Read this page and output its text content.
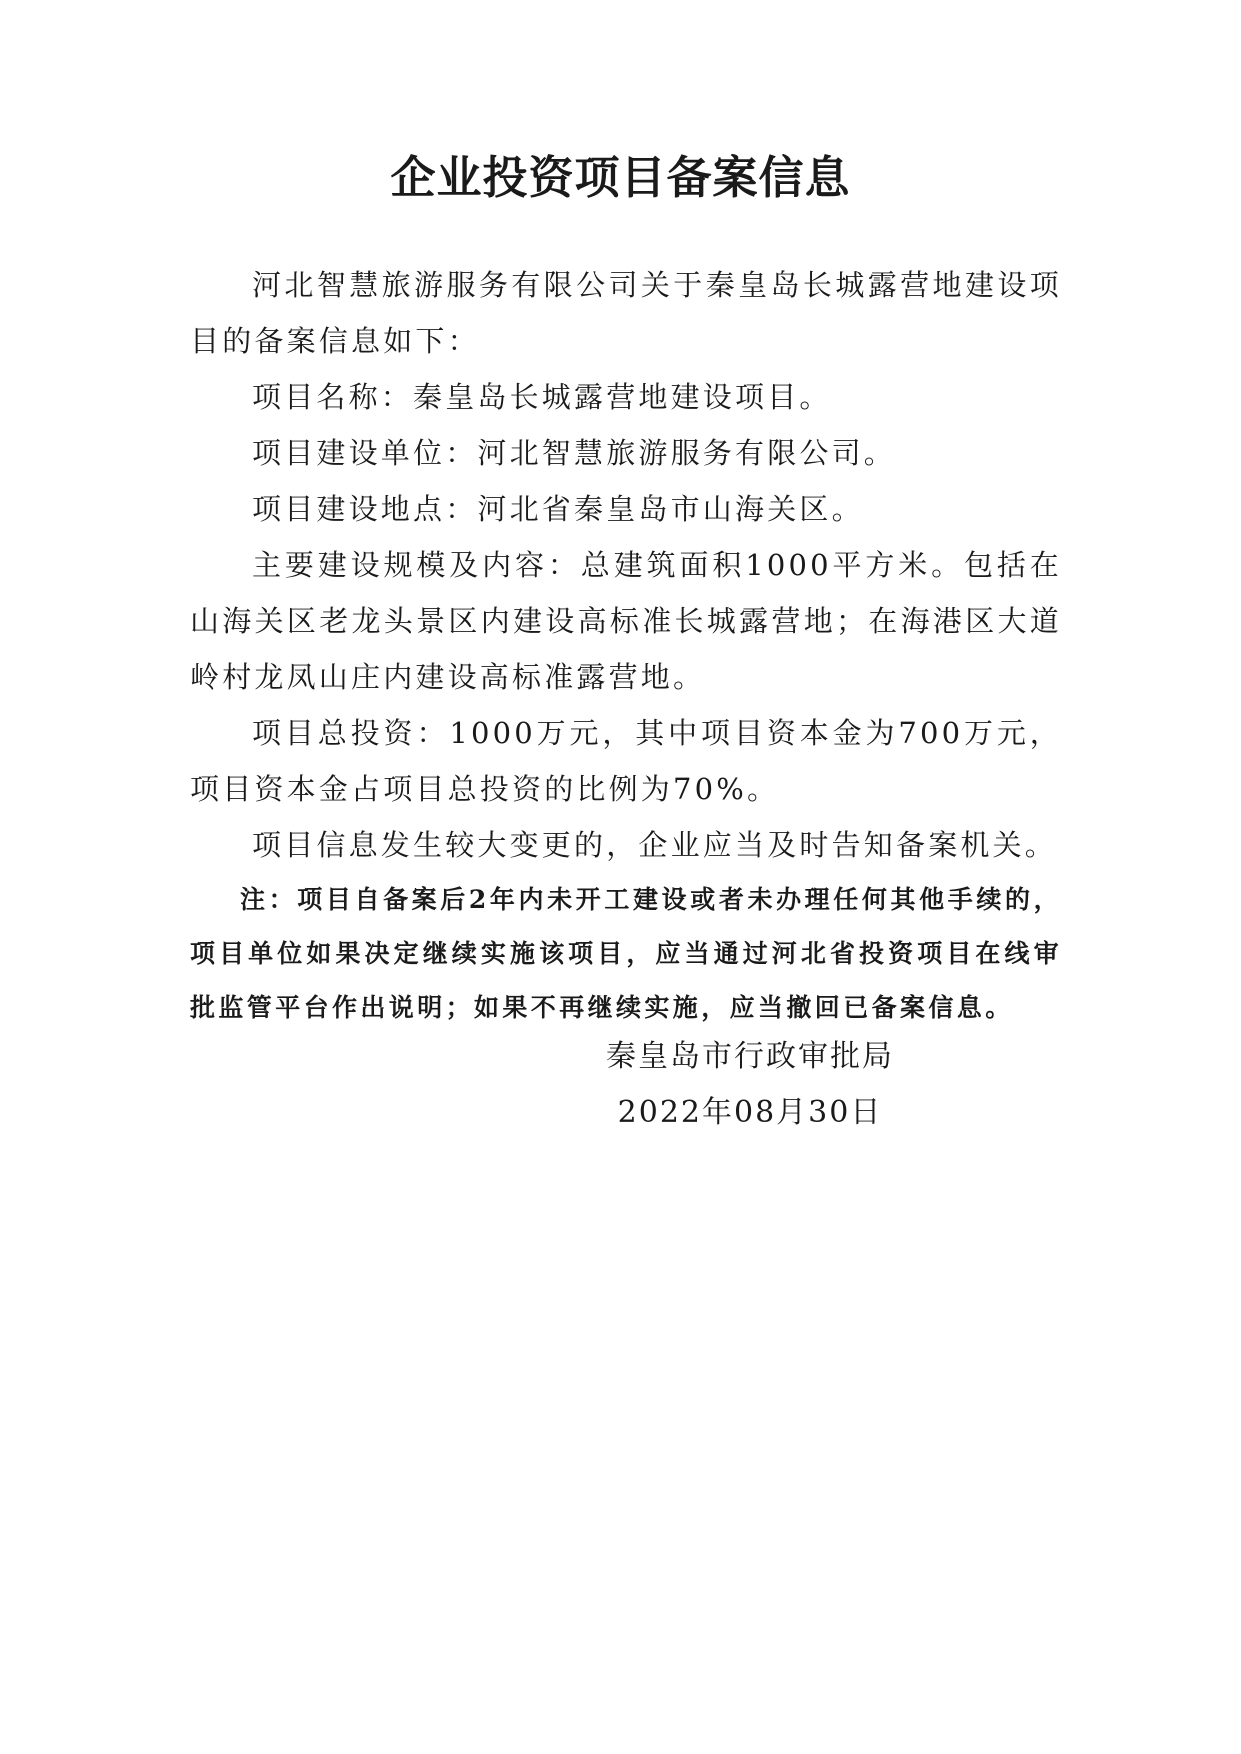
企业投资项目备案信息

河北智慧旅游服务有限公司关于秦皇岛长城露营地建设项目的备案信息如下：

项目名称：秦皇岛长城露营地建设项目。

项目建设单位：河北智慧旅游服务有限公司。

项目建设地点：河北省秦皇岛市山海关区。

主要建设规模及内容：总建筑面积1000平方米。包括在山海关区老龙头景区内建设高标准长城露营地；在海港区大道岭村龙凤山庄内建设高标准露营地。

项目总投资：1000万元，其中项目资本金为700万元，项目资本金占项目总投资的比例为70%。

项目信息发生较大变更的，企业应当及时告知备案机关。

注：项目自备案后2年内未开工建设或者未办理任何其他手续的，项目单位如果决定继续实施该项目，应当通过河北省投资项目在线审批监管平台作出说明；如果不再继续实施，应当撤回已备案信息。

秦皇岛市行政审批局
2022年08月30日
